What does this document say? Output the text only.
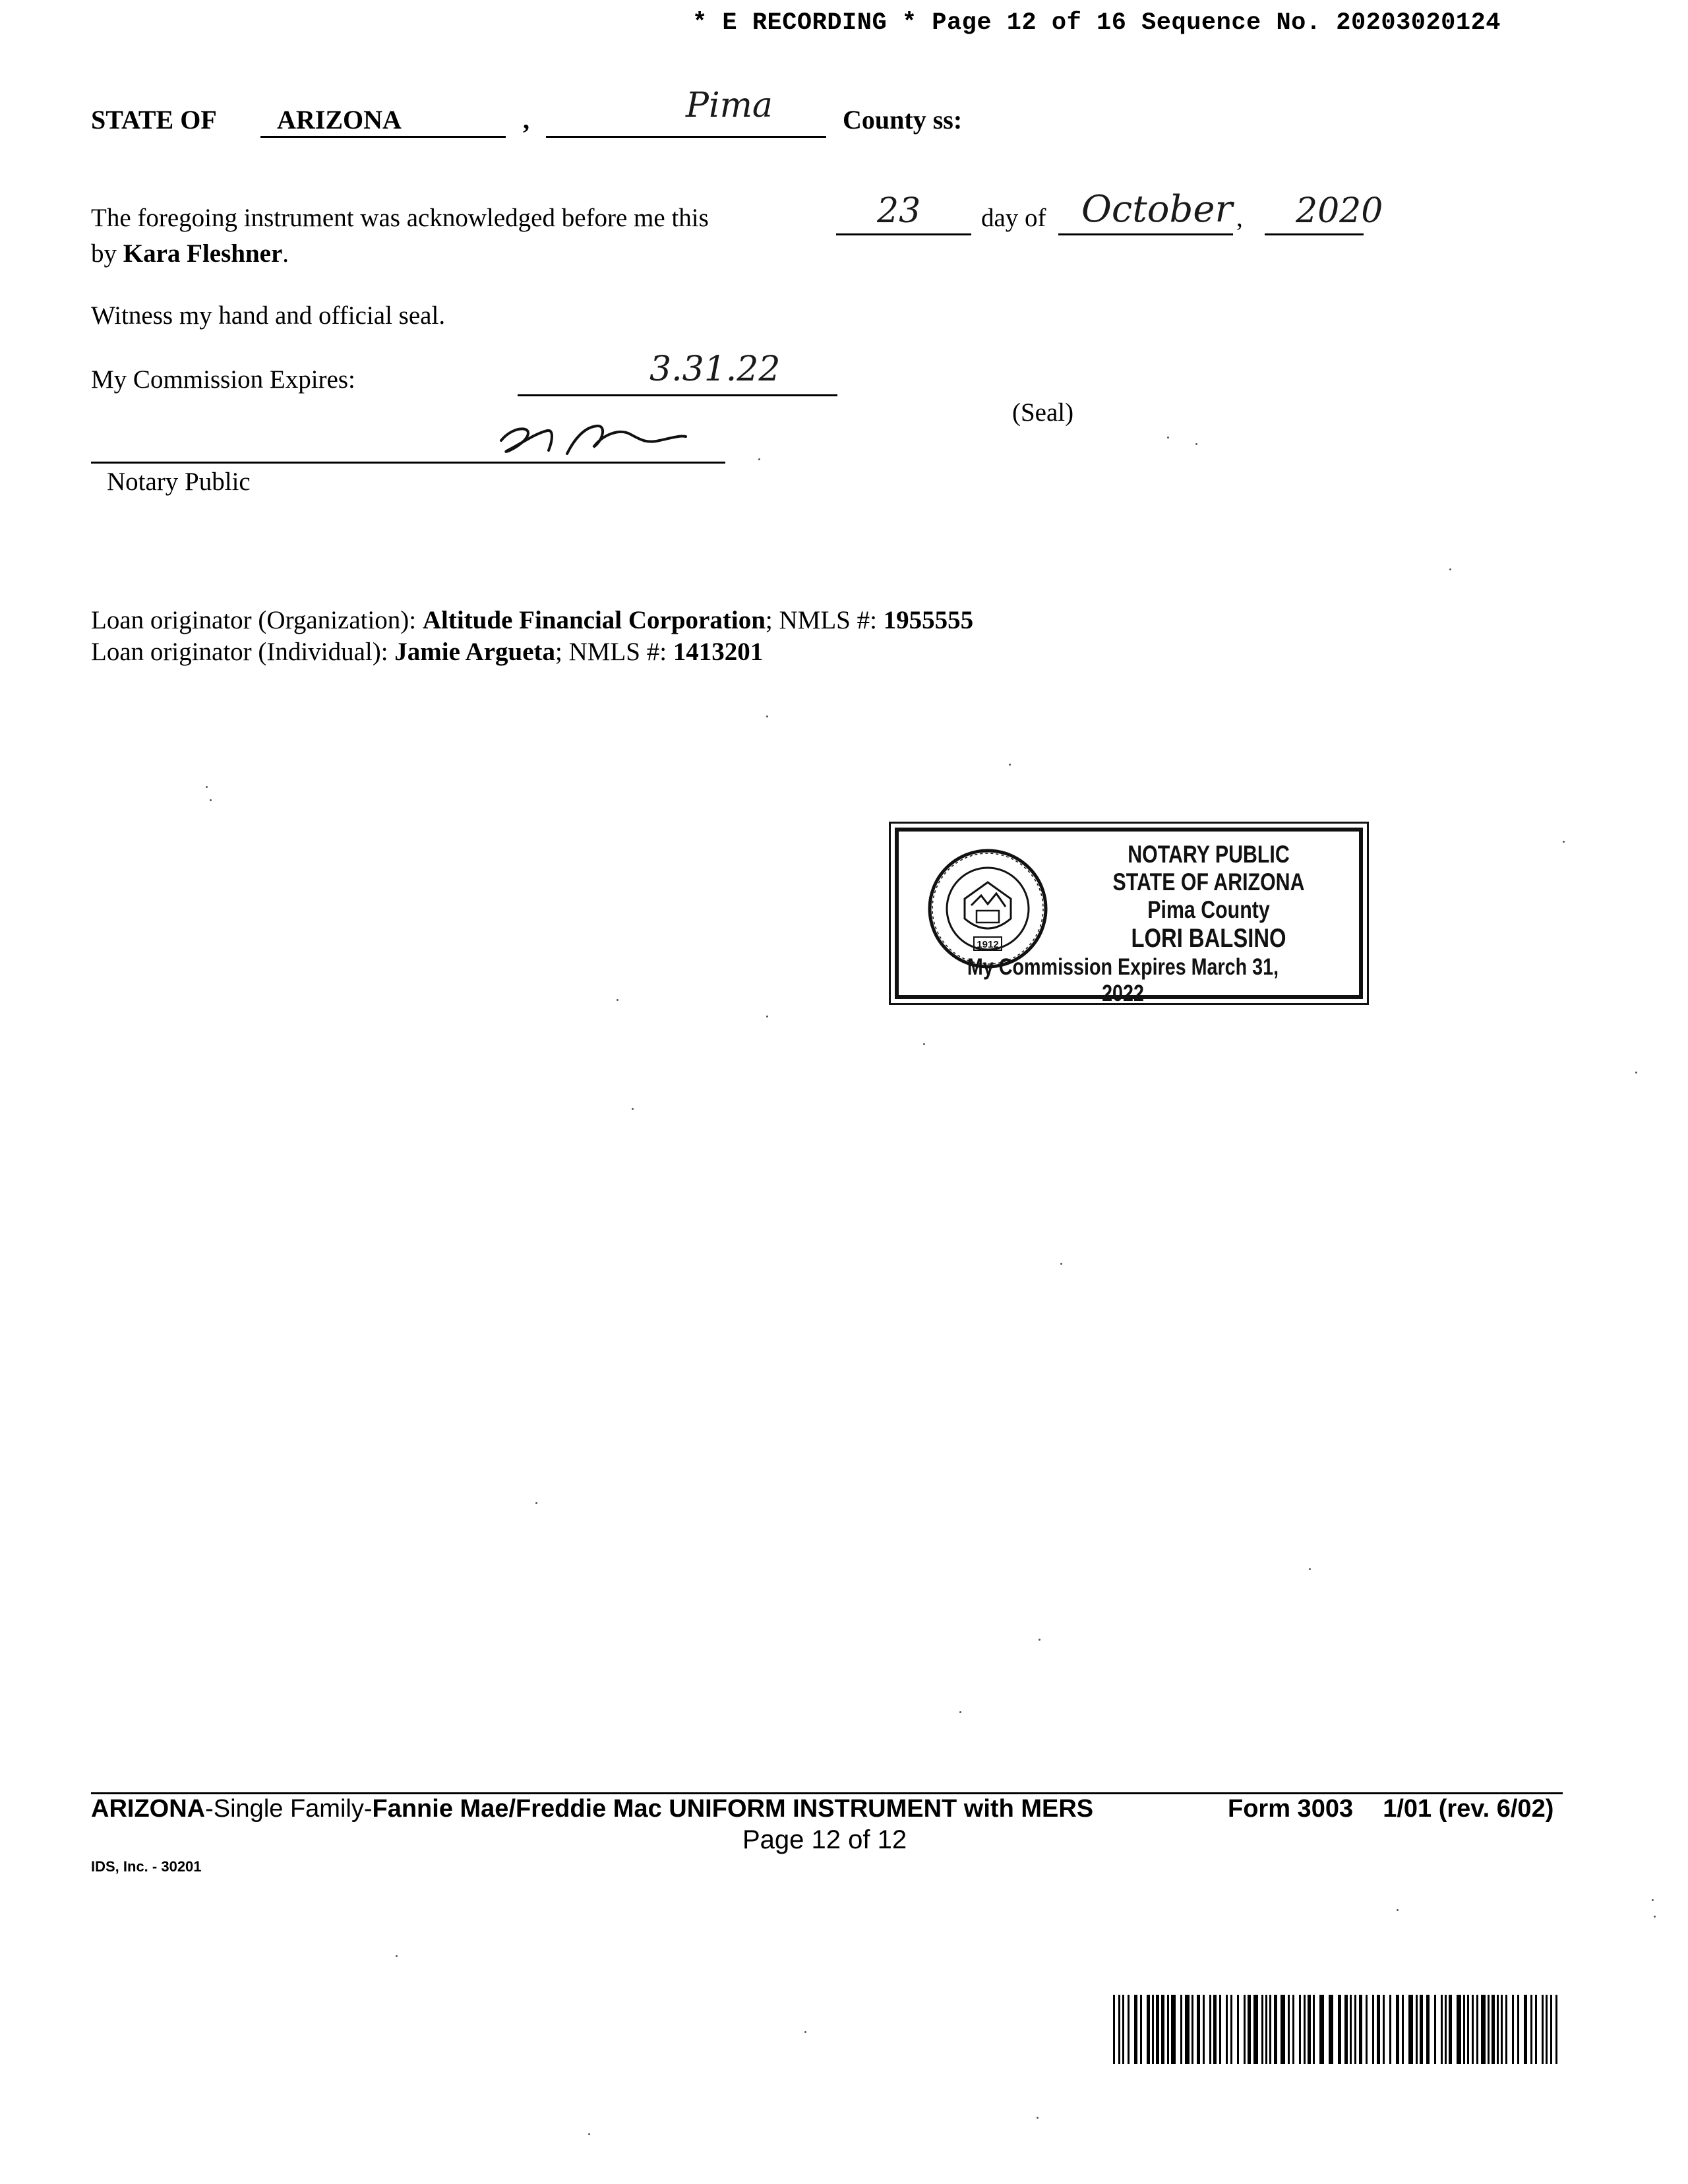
* E RECORDING * Page 12 of 16 Sequence No. 20203020124
STATE OF ARIZONA	,	Pima	County ss:
The foregoing instrument was acknowledged before me this	23 day of October , 2020
by Kara Fleshner.
Witness my hand and official seal.
My Commission Expires:	3.31.22
(Seal)
Notary Public
Loan originator (Organization): Altitude Financial Corporation; NMLS #: 1955555
Loan originator (Individual): Jamie Argueta; NMLS #: 1413201
1912
NOTARY PUBLIC
STATE OF ARIZONA
Pima County
LORI BALSINO
My Commission Expires March 31, 2022
ARIZONA-Single Family-Fannie Mae/Freddie Mac UNIFORM INSTRUMENT with MERS	Form 3003 1/01 (rev. 6/02)
Page 12 of 12
IDS, Inc. - 30201
